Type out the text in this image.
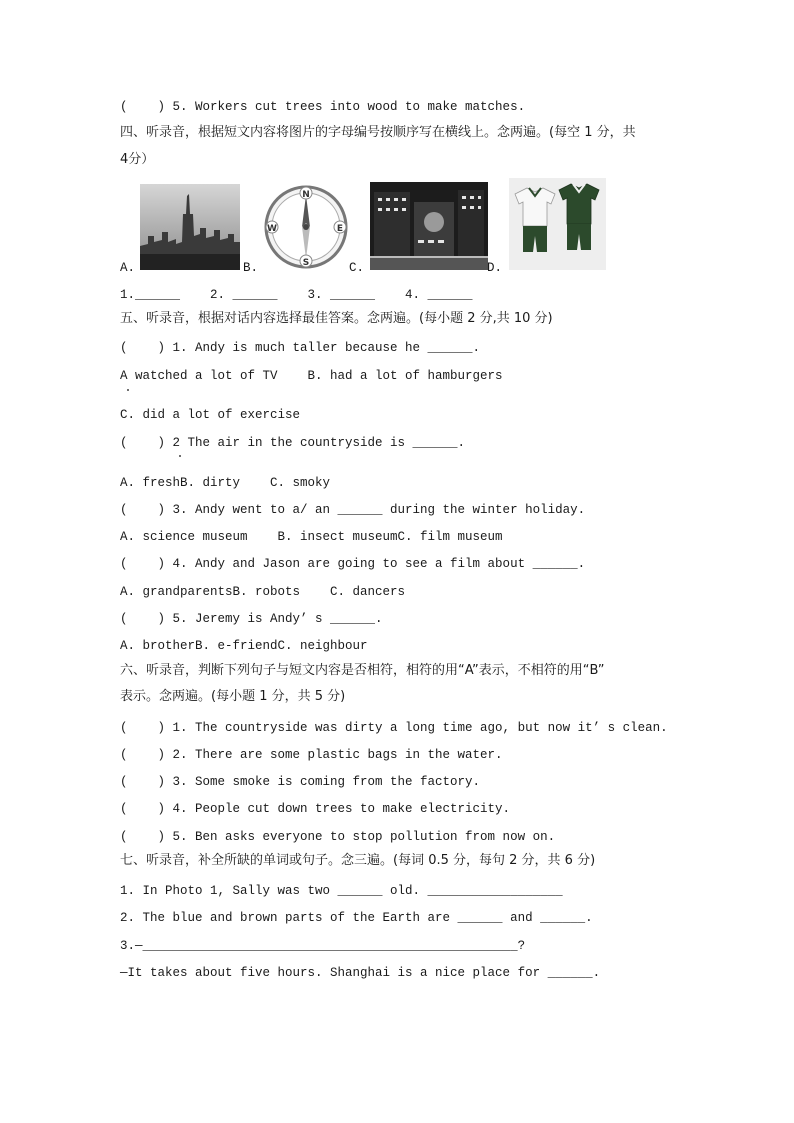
(    ) 5. Workers cut trees into wood to make matches.
四、听录音，根据短文内容将图片的字母编号按顺序写在横线上。念两遍。(每空 1 分，共
4分）
A.	B.
N
E
S
W
C.	D.
1.______    2. ______    3. ______    4. ______
五、听录音，根据对话内容选择最佳答案。念两遍。(每小题 2 分,共 10 分)
(    ) 1. Andy is much taller because he ______.
A watched a lot of TV    B. had a lot of hamburgers
C. did a lot of exercise
(    ) 2 The air in the countryside is ______.
A. freshB. dirty    C. smoky
(    ) 3. Andy went to a/ an ______ during the winter holiday.
A. science museum    B. insect museumC. film museum
(    ) 4. Andy and Jason are going to see a film about ______.
A. grandparentsB. robots    C. dancers
(    ) 5. Jeremy is Andy’ s ______.
A. brotherB. e-friendC. neighbour
六、听录音，判断下列句子与短文内容是否相符，相符的用“A”表示，不相符的用“B”
表示。念两遍。(每小题 1 分，共 5 分)
(    ) 1. The countryside was dirty a long time ago, but now it’ s clean.
(    ) 2. There are some plastic bags in the water.
(    ) 3. Some smoke is coming from the factory.
(    ) 4. People cut down trees to make electricity.
(    ) 5. Ben asks everyone to stop pollution from now on.
七、听录音，补全所缺的单词或句子。念三遍。(每词 0.5 分，每句 2 分，共 6 分)
1. In Photo 1, Sally was two ______ old. __________________
2. The blue and brown parts of the Earth are ______ and ______.
3.—__________________________________________________?
—It takes about five hours. Shanghai is a nice place for ______.
